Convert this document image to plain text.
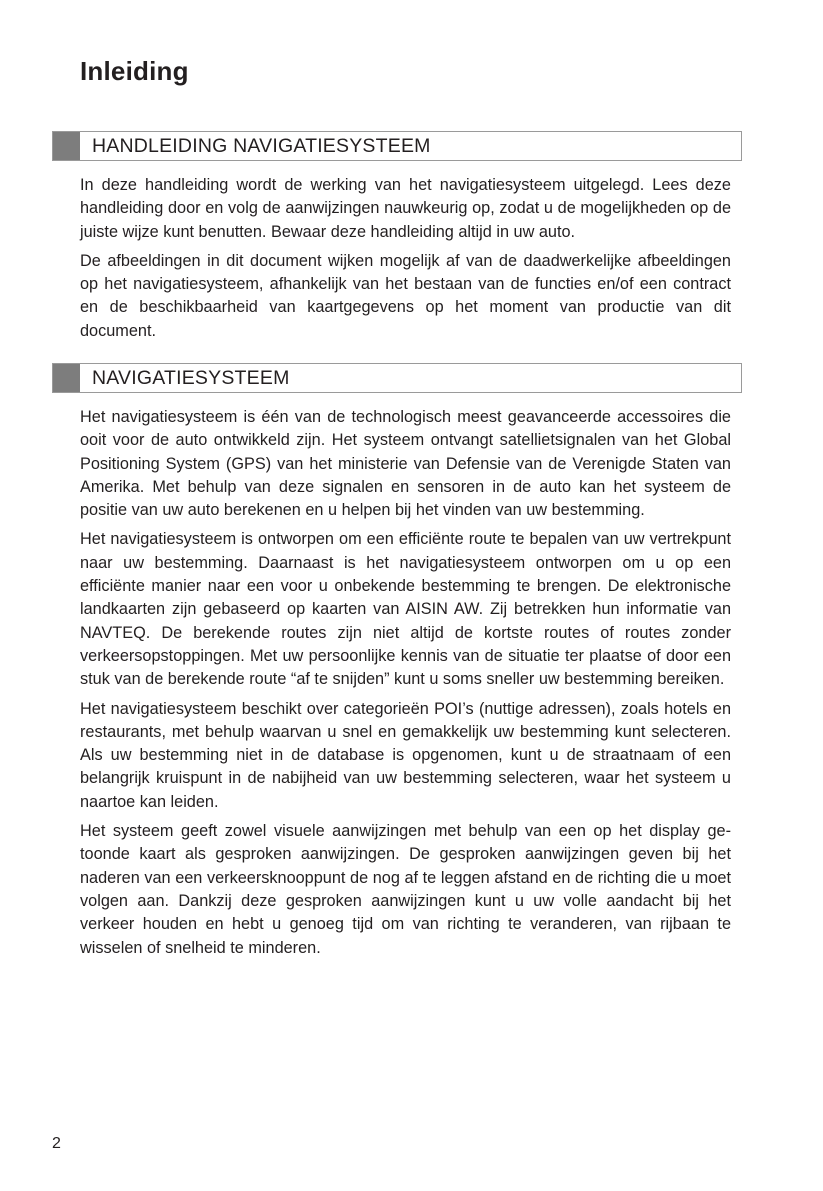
Inleiding
HANDLEIDING NAVIGATIESYSTEEM

In deze handleiding wordt de werking van het navigatiesysteem uitgelegd. Lees deze handleiding door en volg de aanwijzingen nauwkeurig op, zodat u de mogelijkheden op de juiste wijze kunt benutten. Bewaar deze handleiding altijd in uw auto.

De afbeeldingen in dit document wijken mogelijk af van de daadwerkelijke afbeeldingen op het navigatiesysteem, afhankelijk van het bestaan van de functies en/of een contract en de beschikbaarheid van kaartgegevens op het moment van productie van dit document.

NAVIGATIESYSTEEM

Het navigatiesysteem is één van de technologisch meest geavanceerde accessoires die ooit voor de auto ontwikkeld zijn. Het systeem ontvangt satellietsignalen van het Global Positioning System (GPS) van het ministerie van Defensie van de Verenigde Staten van Amerika. Met behulp van deze signalen en sensoren in de auto kan het systeem de positie van uw auto berekenen en u helpen bij het vinden van uw bestemming.

Het navigatiesysteem is ontworpen om een efficiënte route te bepalen van uw vertrekpunt naar uw bestemming. Daarnaast is het navigatiesysteem ontworpen om u op een efficiënte manier naar een voor u onbekende bestemming te brengen. De elektronische landkaarten zijn gebaseerd op kaarten van AISIN AW. Zij betrekken hun informatie van NAVTEQ. De berekende routes zijn niet altijd de kortste routes of routes zonder verkeersopstoppingen. Met uw persoonlijke kennis van de situatie ter plaatse of door een stuk van de berekende route “af te snijden” kunt u soms sneller uw bestemming bereiken.

Het navigatiesysteem beschikt over categorieën POI’s (nuttige adressen), zoals hotels en restaurants, met behulp waarvan u snel en gemakkelijk uw bestemming kunt selecteren. Als uw bestemming niet in de database is opgenomen, kunt u de straatnaam of een belangrijk kruispunt in de nabijheid van uw bestemming selecteren, waar het systeem u naartoe kan leiden.

Het systeem geeft zowel visuele aanwijzingen met behulp van een op het display getoonde kaart als gesproken aanwijzingen. De gesproken aanwijzingen geven bij het naderen van een verkeersknooppunt de nog af te leggen afstand en de richting die u moet volgen aan. Dankzij deze gesproken aanwijzingen kunt u uw volle aandacht bij het verkeer houden en hebt u genoeg tijd om van richting te veranderen, van rijbaan te wisselen of snelheid te minderen.

2
